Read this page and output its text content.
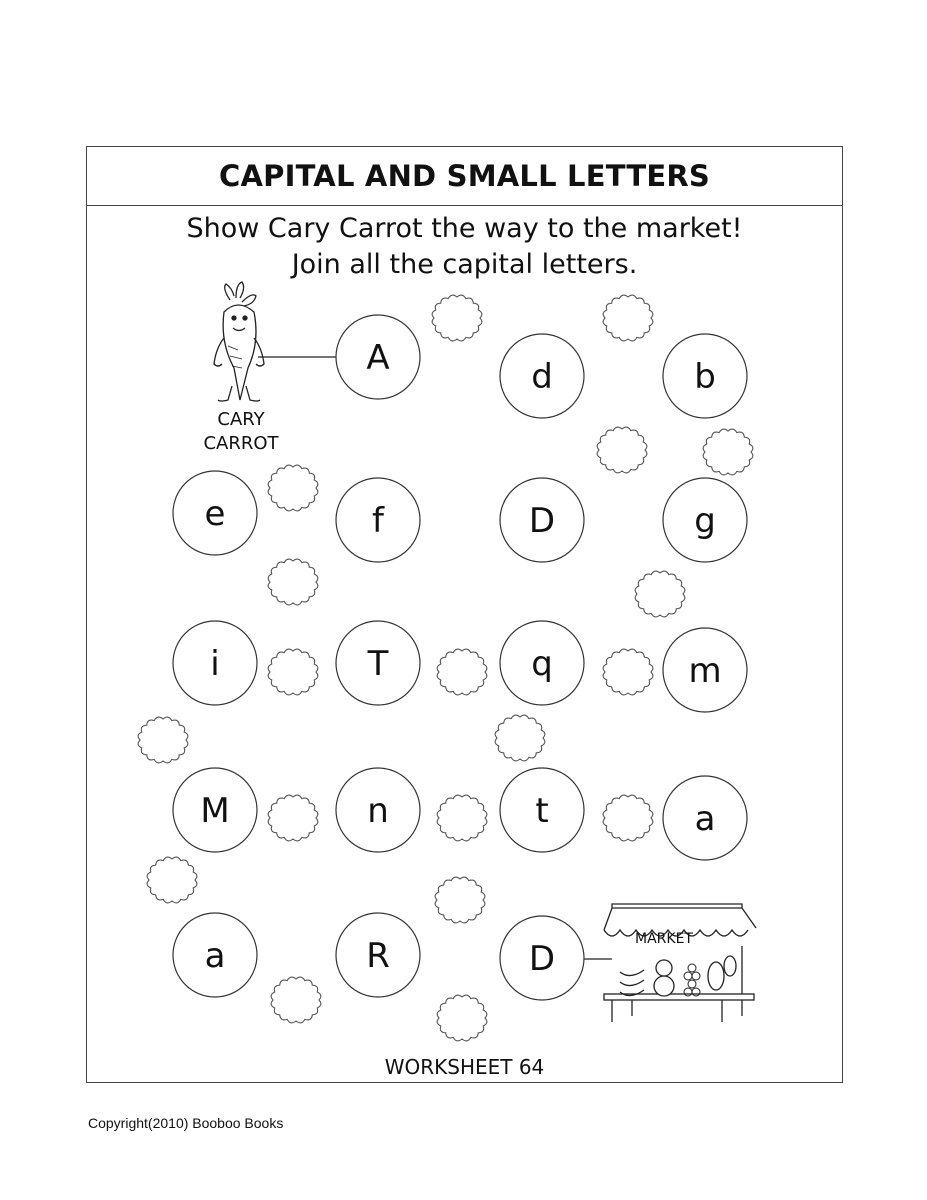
CAPITAL AND SMALL LETTERS
Show Cary Carrot the way to the market!
Join all the capital letters.
CARY
CARROT
WORKSHEET 64
A	d	b
e	f	D	g
i	T	q	m
M	n	t	a
a	R	D	MARKET
Copyright(2010) Booboo Books
